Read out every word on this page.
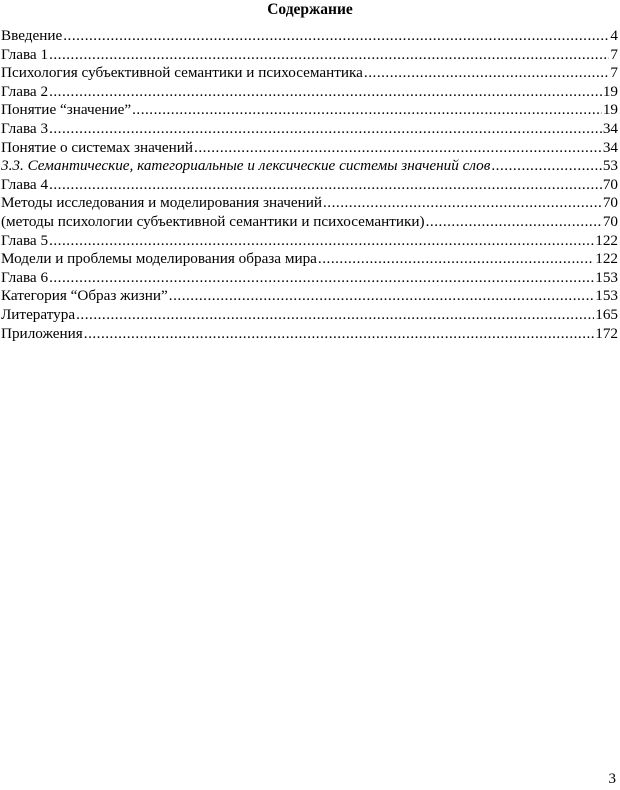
Содержание
Введение .....	4
Глава 1 .....	7
Психология субъективной семантики и психосемантика .....	7
Глава 2 .....	19
Понятие “значение” .....	19
Глава 3 .....	34
Понятие о системах значений .....	34
3.3. Семантические, категориальные и лексические системы значений слов .....	53
Глава 4 .....	70
Методы исследования и моделирования значений .....	70
(методы психологии субъективной семантики и психосемантики) .....	70
Глава 5 .....	122
Модели и проблемы моделирования образа мира .....	122
Глава 6 .....	153
Категория “Образ жизни” .....	153
Литература .....	165
Приложения .....	172
3
